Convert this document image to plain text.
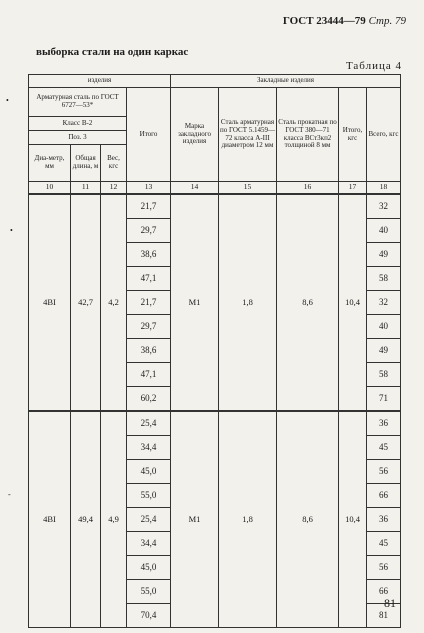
ГОСТ 23444—79 Стр. 79
выборка стали на один каркас
Таблица 4
•
•
-
изделия				Закладные изделия				
Арматурная сталь по ГОСТ 6727—53*			Итого	Марка закладного изделия	Сталь арматурная по ГОСТ 5.1459—72 класса А-III диаметром 12 мм	Сталь прокатная по ГОСТ 380—71 класса ВСт3кп2 толщиной 8 мм	Итого, кгс	Всего, кгс
Класс В-2								
Поз. 3								
Диа-метр, мм	Общая длина, м	Вес, кгс						
10	11	12	13	14	15	16	17	18
4ВI	42,7	4,2	21,7	M1	1,8	8,6	10,4	32
			29,7					40
			38,6					49
			47,1					58
			21,7					32
			29,7					40
			38,6					49
			47,1					58
			60,2					71
4ВI	49,4	4,9	25,4	M1	1,8	8,6	10,4	36
			34,4					45
			45,0					56
			55,0					66
			25,4					36
			34,4					45
			45,0					56
			55,0					66
			70,4					81
81
